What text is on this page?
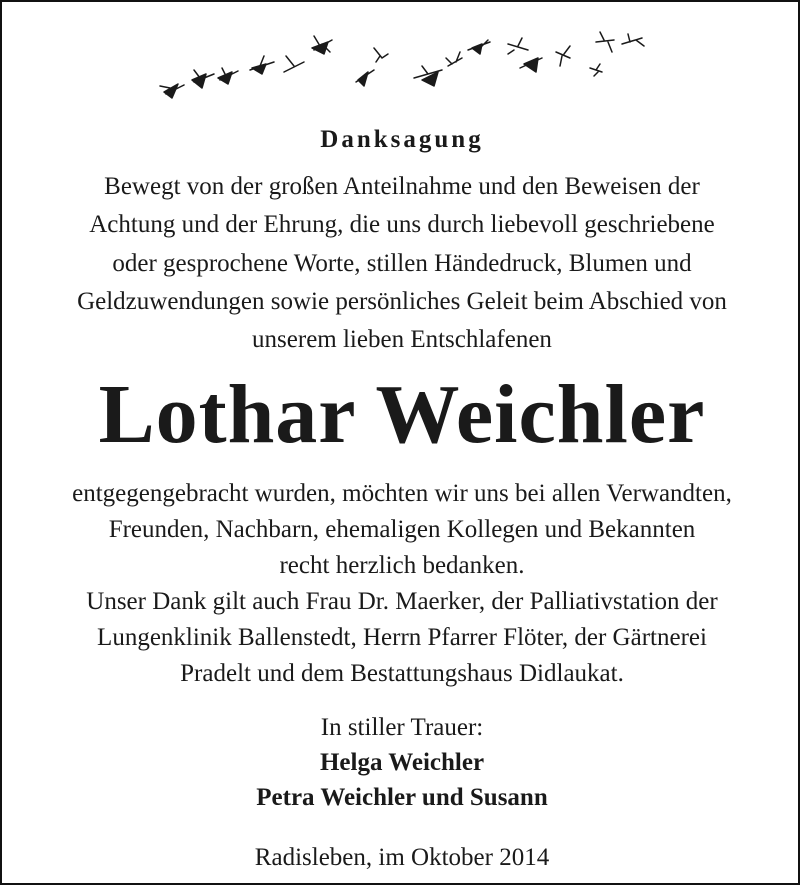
Danksagung
Bewegt von der großen Anteilnahme und den Beweisen der
Achtung und der Ehrung, die uns durch liebevoll geschriebene
oder gesprochene Worte, stillen Händedruck, Blumen und
Geldzuwendungen sowie persönliches Geleit beim Abschied von
unserem lieben Entschlafenen
Lothar Weichler
entgegengebracht wurden, möchten wir uns bei allen Verwandten,
Freunden, Nachbarn, ehemaligen Kollegen und Bekannten
recht herzlich bedanken.
Unser Dank gilt auch Frau Dr. Maerker, der Palliativstation der
Lungenklinik Ballenstedt, Herrn Pfarrer Flöter, der Gärtnerei
Pradelt und dem Bestattungshaus Didlaukat.
In stiller Trauer:
Helga Weichler
Petra Weichler und Susann
Radisleben, im Oktober 2014
